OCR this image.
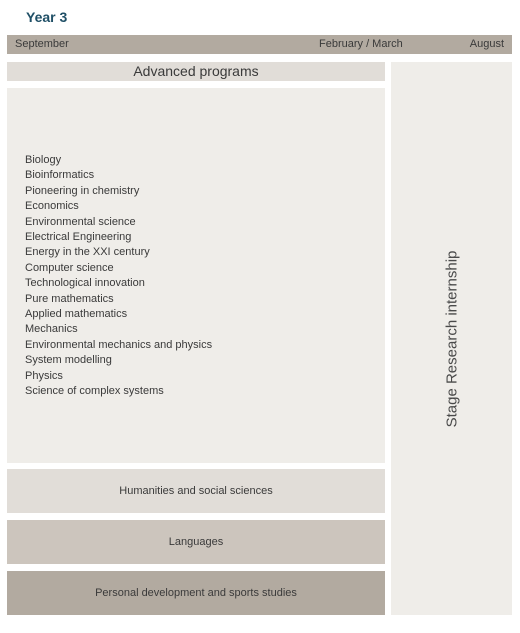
Year 3
September	February / March	August
Advanced programs
Biology
Bioinformatics
Pioneering in chemistry
Economics
Environmental science
Electrical Engineering
Energy in the XXI century
Computer science
Technological innovation
Pure mathematics
Applied mathematics
Mechanics
Environmental mechanics and physics
System modelling
Physics
Science of complex systems	Stage Research internship
Humanities and social sciences
Languages
Personal development and sports studies
